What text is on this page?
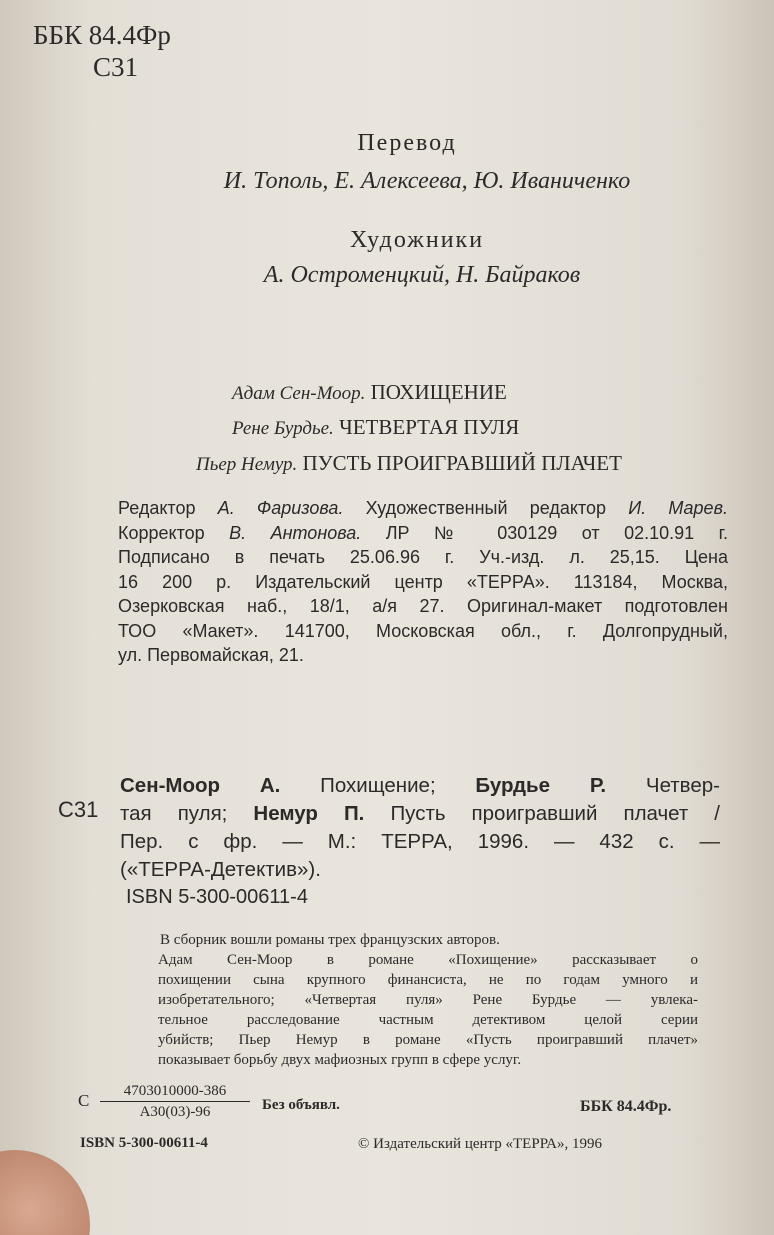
ББК 84.4Фр
С31
Перевод
И. Тополь, Е. Алексеева, Ю. Иваниченко
Художники
А. Остроменцкий, Н. Байраков
Адам Сен-Моор. ПОХИЩЕНИЕ
Рене Бурдье. ЧЕТВЕРТАЯ ПУЛЯ
Пьер Немур. ПУСТЬ ПРОИГРАВШИЙ ПЛАЧЕТ
Редактор А. Фаризова. Художественный редактор И. Марев.
Корректор В. Антонова. ЛР № 030129 от 02.10.91 г.
Подписано в печать 25.06.96 г. Уч.-изд. л. 25,15. Цена
16 200 р. Издательский центр «ТЕРРА». 113184, Москва,
Озерковская наб., 18/1, а/я 27. Оригинал-макет подготовлен
ТОО «Макет». 141700, Московская обл., г. Долгопрудный,
ул. Первомайская, 21.
С31
Сен-Моор А. Похищение; Бурдье Р. Четвер-
тая пуля; Немур П. Пусть проигравший плачет /
Пер. с фр. — М.: ТЕРРА, 1996. — 432 с. —
(«ТЕРРА-Детектив»).
ISBN 5-300-00611-4
В сборник вошли романы трех французских авторов.
Адам Сен-Моор в романе «Похищение» рассказывает о
похищении сына крупного финансиста, не по годам умного и
изобретательного; «Четвертая пуля» Рене Бурдье — увлека-
тельное расследование частным детективом целой серии
убийств; Пьер Немур в романе «Пусть проигравший плачет»
показывает борьбу двух мафиозных групп в сфере услуг.
С	4703010000-386
А30(03)-96	Без объявл.	ББК 84.4Фр.
ISBN 5-300-00611-4	© Издательский центр «ТЕРРА», 1996
